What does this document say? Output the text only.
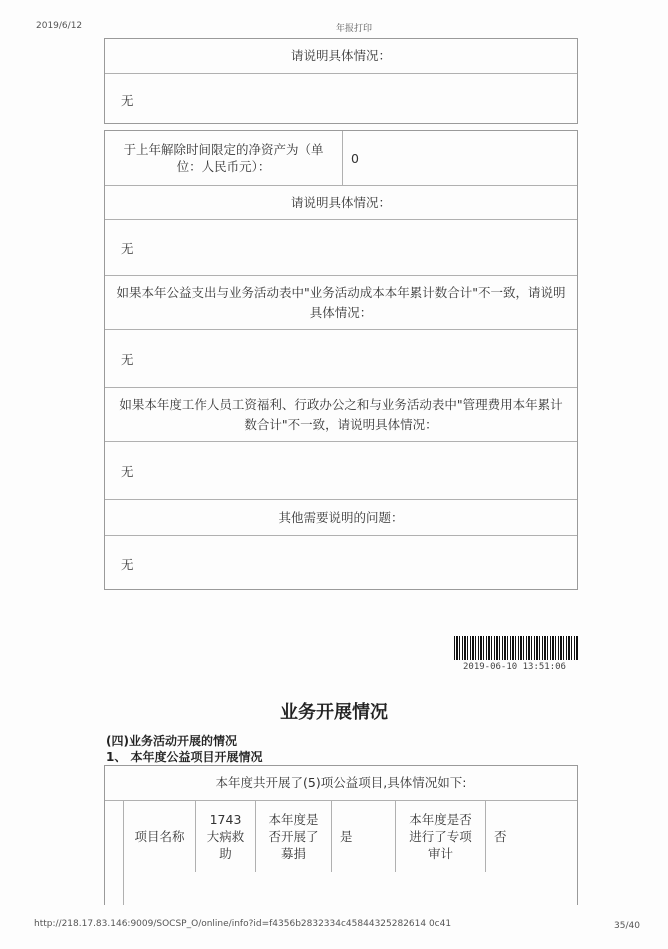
2019/6/12	年报打印
请说明具体情况：
无
于上年解除时间限定的净资产为（单位：人民币元）：
0
请说明具体情况：
无
如果本年公益支出与业务活动表中"业务活动成本本年累计数合计"不一致，请说明具体情况：
无
如果本年度工作人员工资福利、行政办公之和与业务活动表中"管理费用本年累计数合计"不一致，请说明具体情况：
无
其他需要说明的问题：
无
2019-06-10 13:51:06
业务开展情况
(四)业务活动开展的情况
1、 本年度公益项目开展情况
本年度共开展了(5)项公益项目,具体情况如下:
项目名称
1743大病救助
本年度是否开展了募捐
是
本年度是否进行了专项审计
否
http://218.17.83.146:9009/SOCSP_O/online/info?id=f4356b2832334c45844325282614 0c41	35/40
